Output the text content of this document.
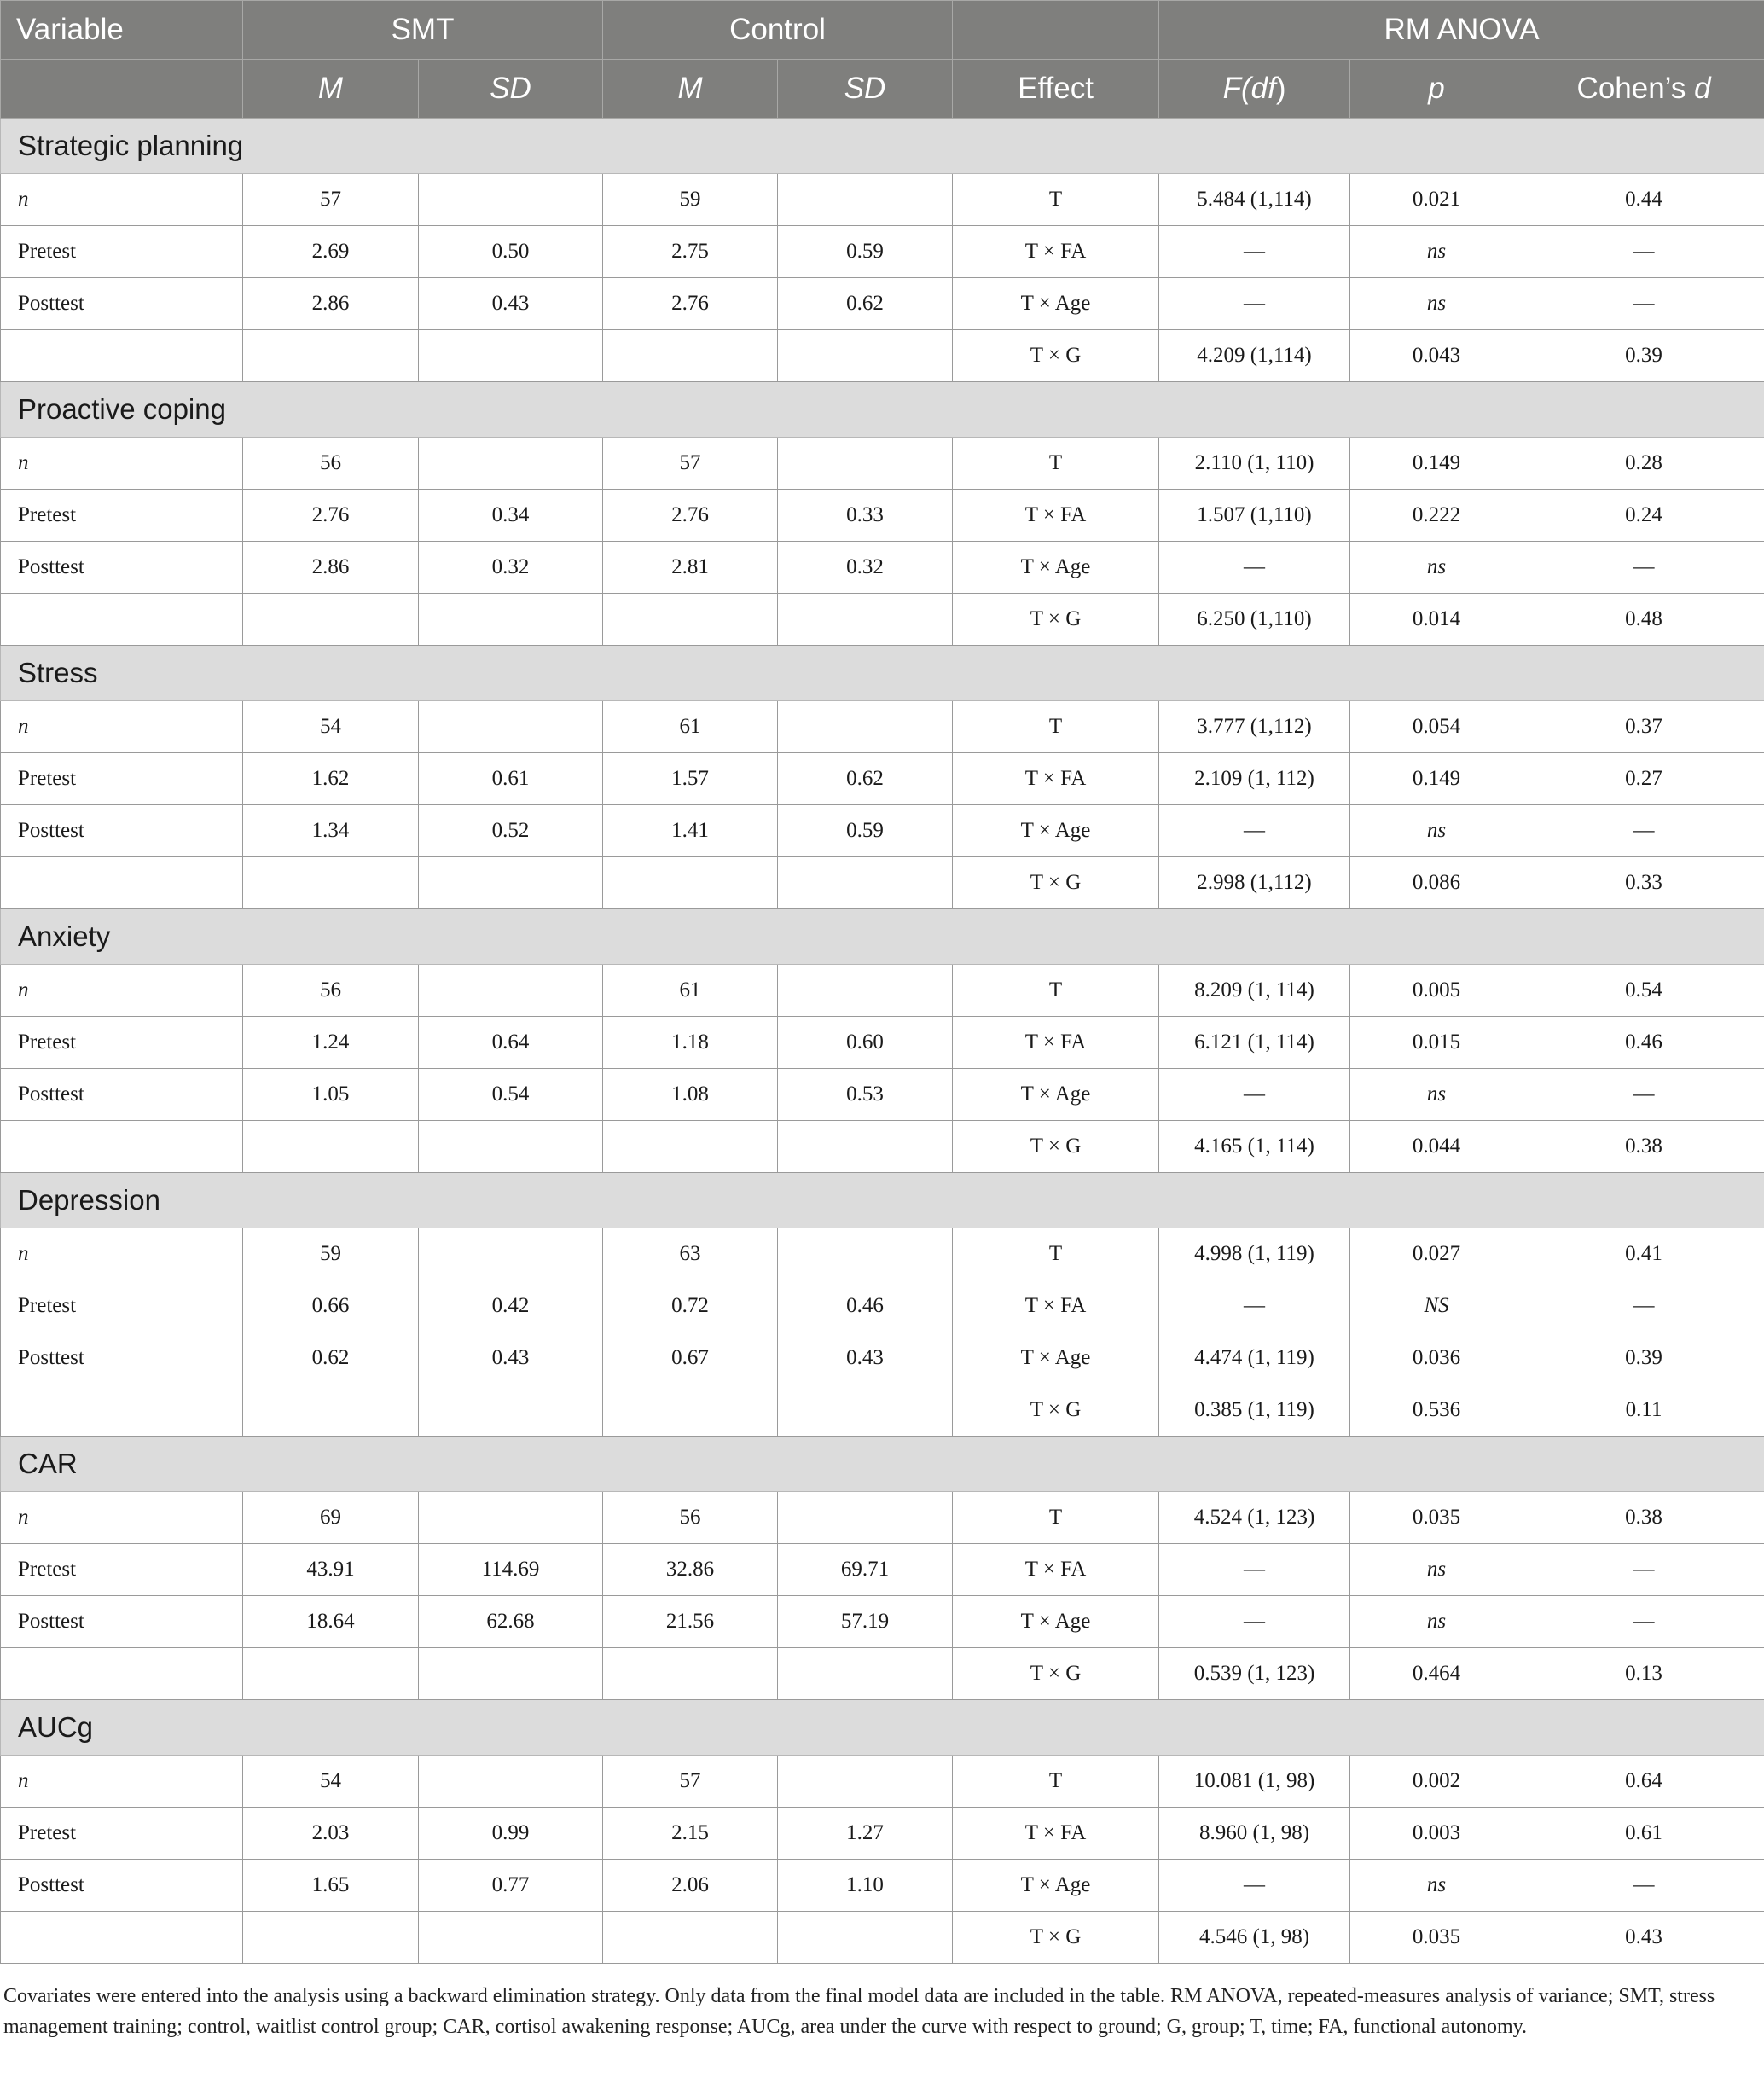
Variable	SMT		Control			RM ANOVA		
	M	SD	M	SD	Effect	F(df)	p	Cohen’s d
Strategic planning								
n	57		59		T	5.484 (1,114)	0.021	0.44
Pretest	2.69	0.50	2.75	0.59	T × FA	—	ns	—
Posttest	2.86	0.43	2.76	0.62	T × Age	—	ns	—
					T × G	4.209 (1,114)	0.043	0.39
Proactive coping								
n	56		57		T	2.110 (1, 110)	0.149	0.28
Pretest	2.76	0.34	2.76	0.33	T × FA	1.507 (1,110)	0.222	0.24
Posttest	2.86	0.32	2.81	0.32	T × Age	—	ns	—
					T × G	6.250 (1,110)	0.014	0.48
Stress								
n	54		61		T	3.777 (1,112)	0.054	0.37
Pretest	1.62	0.61	1.57	0.62	T × FA	2.109 (1, 112)	0.149	0.27
Posttest	1.34	0.52	1.41	0.59	T × Age	—	ns	—
					T × G	2.998 (1,112)	0.086	0.33
Anxiety								
n	56		61		T	8.209 (1, 114)	0.005	0.54
Pretest	1.24	0.64	1.18	0.60	T × FA	6.121 (1, 114)	0.015	0.46
Posttest	1.05	0.54	1.08	0.53	T × Age	—	ns	—
					T × G	4.165 (1, 114)	0.044	0.38
Depression								
n	59		63		T	4.998 (1, 119)	0.027	0.41
Pretest	0.66	0.42	0.72	0.46	T × FA	—	NS	—
Posttest	0.62	0.43	0.67	0.43	T × Age	4.474 (1, 119)	0.036	0.39
					T × G	0.385 (1, 119)	0.536	0.11
CAR								
n	69		56		T	4.524 (1, 123)	0.035	0.38
Pretest	43.91	114.69	32.86	69.71	T × FA	—	ns	—
Posttest	18.64	62.68	21.56	57.19	T × Age	—	ns	—
					T × G	0.539 (1, 123)	0.464	0.13
AUCg								
n	54		57		T	10.081 (1, 98)	0.002	0.64
Pretest	2.03	0.99	2.15	1.27	T × FA	8.960 (1, 98)	0.003	0.61
Posttest	1.65	0.77	2.06	1.10	T × Age	—	ns	—
					T × G	4.546 (1, 98)	0.035	0.43
Covariates were entered into the analysis using a backward elimination strategy. Only data from the final model data are included in the table. RM ANOVA, repeated-measures analysis of variance; SMT, stress management training; control, waitlist control group; CAR, cortisol awakening response; AUCg, area under the curve with respect to ground; G, group; T, time; FA, functional autonomy.
